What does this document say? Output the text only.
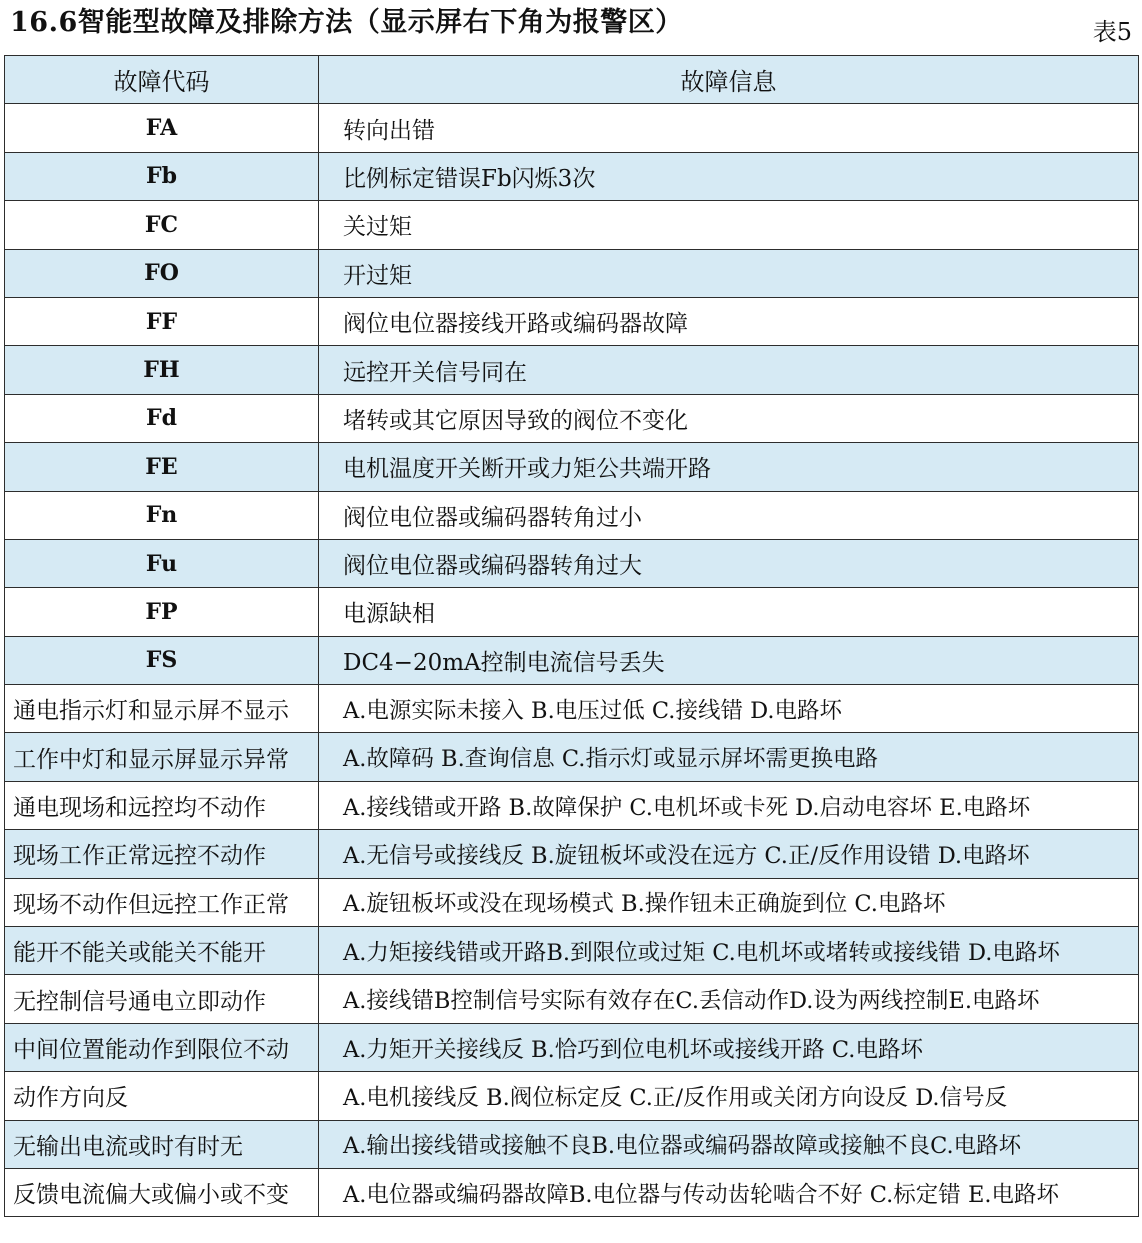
16.6智能型故障及排除方法（显示屏右下角为报警区）	表5
故障代码	故障信息
FA	转向出错
Fb	比例标定错误Fb闪烁3次
FC	关过矩
FO	开过矩
FF	阀位电位器接线开路或编码器故障
FH	远控开关信号同在
Fd	堵转或其它原因导致的阀位不变化
FE	电机温度开关断开或力矩公共端开路
Fn	阀位电位器或编码器转角过小
Fu	阀位电位器或编码器转角过大
FP	电源缺相
FS	DC4−20mA控制电流信号丢失
通电指示灯和显示屏不显示	A.电源实际未接入 B.电压过低 C.接线错 D.电路坏
工作中灯和显示屏显示异常	A.故障码 B.查询信息 C.指示灯或显示屏坏需更换电路
通电现场和远控均不动作	A.接线错或开路 B.故障保护 C.电机坏或卡死 D.启动电容坏 E.电路坏
现场工作正常远控不动作	A.无信号或接线反 B.旋钮板坏或没在远方 C.正/反作用设错 D.电路坏
现场不动作但远控工作正常	A.旋钮板坏或没在现场模式 B.操作钮未正确旋到位 C.电路坏
能开不能关或能关不能开	A.力矩接线错或开路B.到限位或过矩 C.电机坏或堵转或接线错 D.电路坏
无控制信号通电立即动作	A.接线错B控制信号实际有效存在C.丢信动作D.设为两线控制E.电路坏
中间位置能动作到限位不动	A.力矩开关接线反 B.恰巧到位电机坏或接线开路 C.电路坏
动作方向反	A.电机接线反 B.阀位标定反 C.正/反作用或关闭方向设反 D.信号反
无输出电流或时有时无	A.输出接线错或接触不良B.电位器或编码器故障或接触不良C.电路坏
反馈电流偏大或偏小或不变	A.电位器或编码器故障B.电位器与传动齿轮啮合不好 C.标定错 E.电路坏
